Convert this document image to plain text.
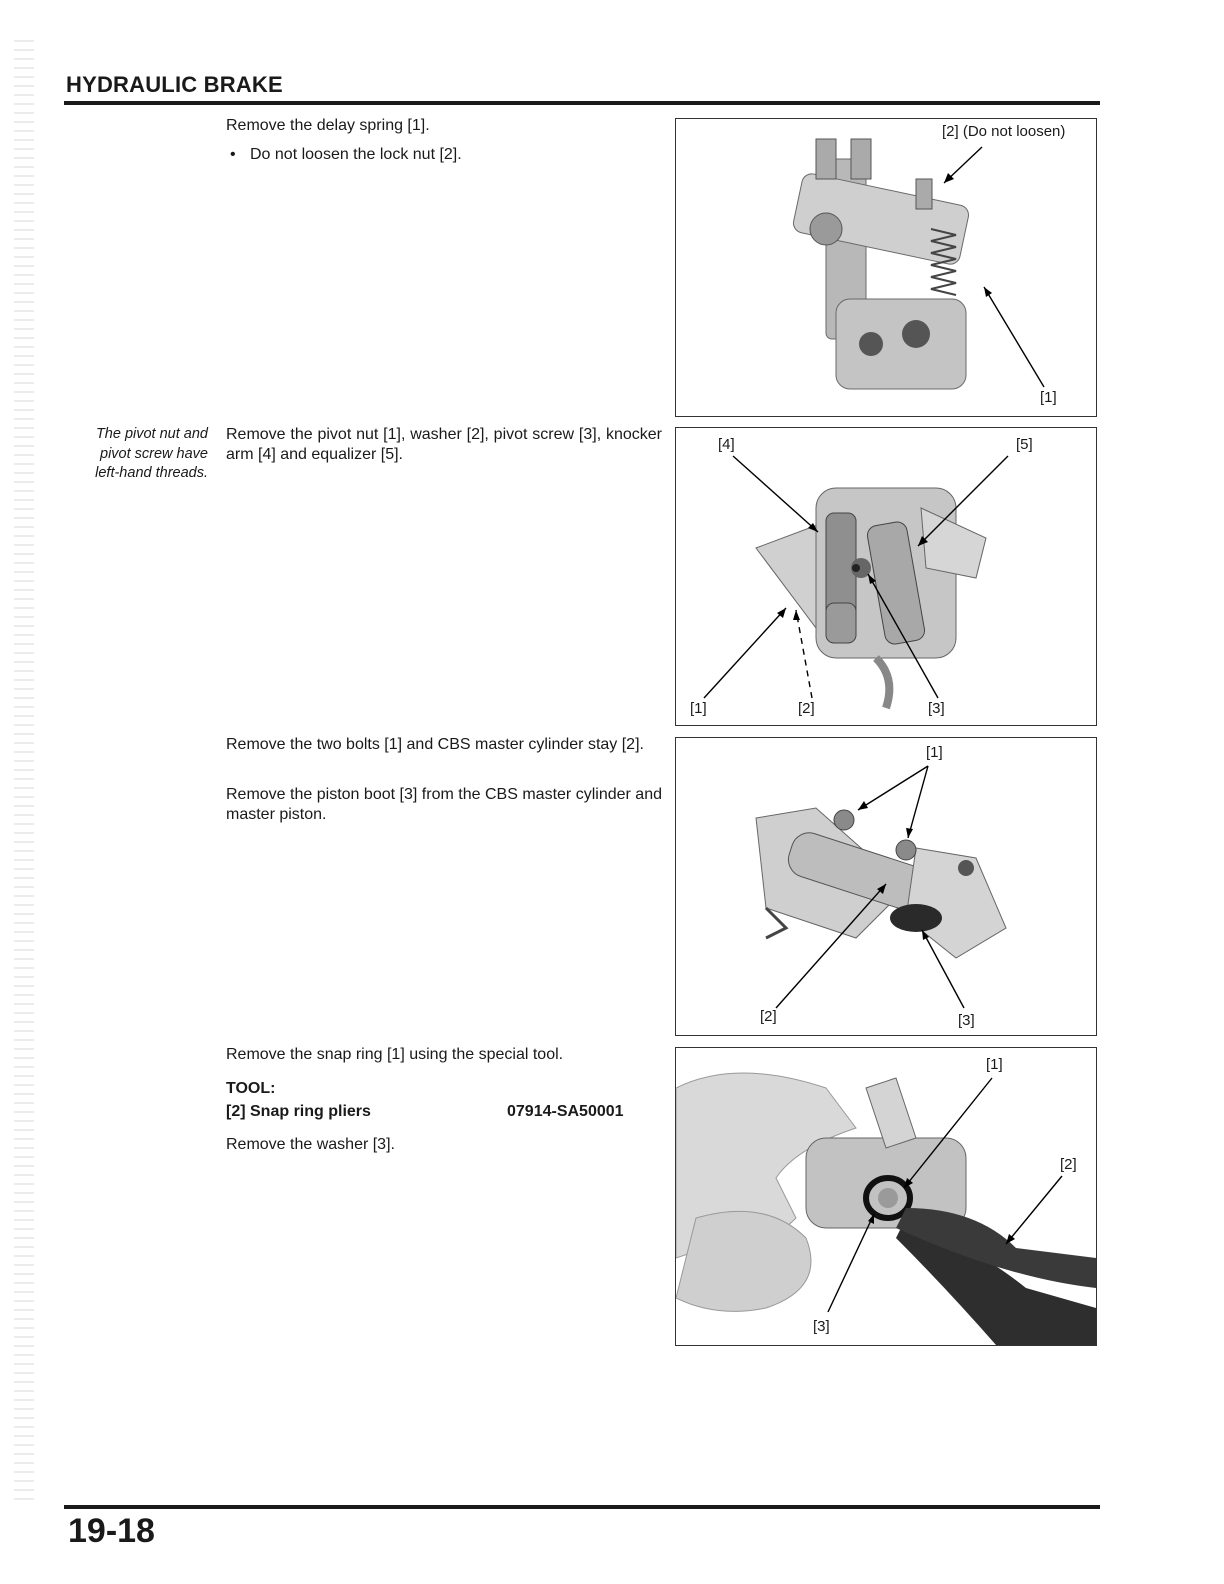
HYDRAULIC BRAKE

Remove the delay spring [1].

• Do not loosen the lock nut [2].

[2] (Do not loosen)
[1]

The pivot nut and pivot screw have left-hand threads.

Remove the pivot nut [1], washer [2], pivot screw [3], knocker arm [4] and equalizer [5].

[4]	[5]
[1]	[2]	[3]

Remove the two bolts [1] and CBS master cylinder stay [2].

Remove the piston boot [3] from the CBS master cylinder and master piston.

[1]
[2]	[3]

Remove the snap ring [1] using the special tool.

TOOL:

[2] Snap ring pliers	07914-SA50001

Remove the washer [3].

[1]
[2]
[3]
19-18
